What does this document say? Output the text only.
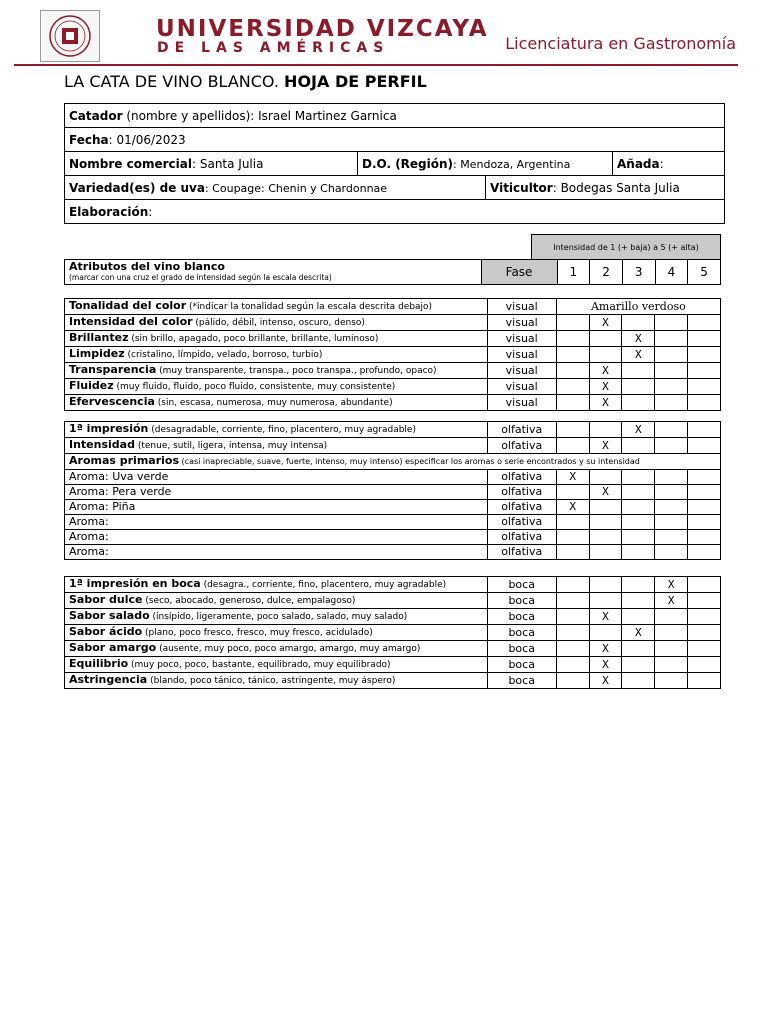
UNIVERSIDAD VIZCAYA
DE LAS AMÉRICAS	Licenciatura en Gastronomía
LA CATA DE VINO BLANCO. HOJA DE PERFIL
Catador (nombre y apellidos): Israel Martinez Garnica
Fecha: 01/06/2023
Nombre comercial: Santa Julia	D.O. (Región): Mendoza, Argentina	Añada:

Variedad(es) de uva: Coupage: Chenin y Chardonnae	Viticultor: Bodegas Santa Julia

Elaboración:
Intensidad de 1 (+ baja) a 5 (+ alta)
Atributos del vino blanco
(marcar con una cruz el grado de intensidad según la escala descrita)	Fase	1	2	3	4	5
Tonalidad del color (*indicar la tonalidad según la escala descrita debajo)	visual	Amarillo verdoso				
Intensidad del color (pálido, débil, intenso, oscuro, denso)	visual		X			
Brillantez (sin brillo, apagado, poco brillante, brillante, luminoso)	visual			X		
Limpidez (cristalino, límpido, velado, borroso, turbio)	visual			X		
Transparencia (muy transparente, transpa., poco transpa., profundo, opaco)	visual		X			
Fluidez (muy fluido, fluido, poco fluido, consistente, muy consistente)	visual		X			
Efervescencia (sin, escasa, numerosa, muy numerosa, abundante)	visual		X			
1ª impresión (desagradable, corriente, fino, placentero, muy agradable)	olfativa			X		
Intensidad (tenue, sutil, ligera, intensa, muy intensa)	olfativa		X			
Aromas primarios (casi inapreciable, suave, fuerte, intenso, muy intenso) especificar los aromas o serie encontrados y su intensidad						
Aroma: Uva verde	olfativa	X				
Aroma: Pera verde	olfativa		X			
Aroma: Piña	olfativa	X				
Aroma:	olfativa					
Aroma:	olfativa					
Aroma:	olfativa					
1ª impresión en boca (desagra., corriente, fino, placentero, muy agradable)	boca				X	
Sabor dulce (seco, abocado, generoso, dulce, empalagoso)	boca				X	
Sabor salado (insípido, ligeramente, poco salado, salado, muy salado)	boca		X			
Sabor ácido (plano, poco fresco, fresco, muy fresco, acidulado)	boca			X		
Sabor amargo (ausente, muy poco, poco amargo, amargo, muy amargo)	boca		X			
Equilibrio (muy poco, poco, bastante, equilibrado, muy equilibrado)	boca		X			
Astringencia (blando, poco tánico, tánico, astringente, muy áspero)	boca		X			
